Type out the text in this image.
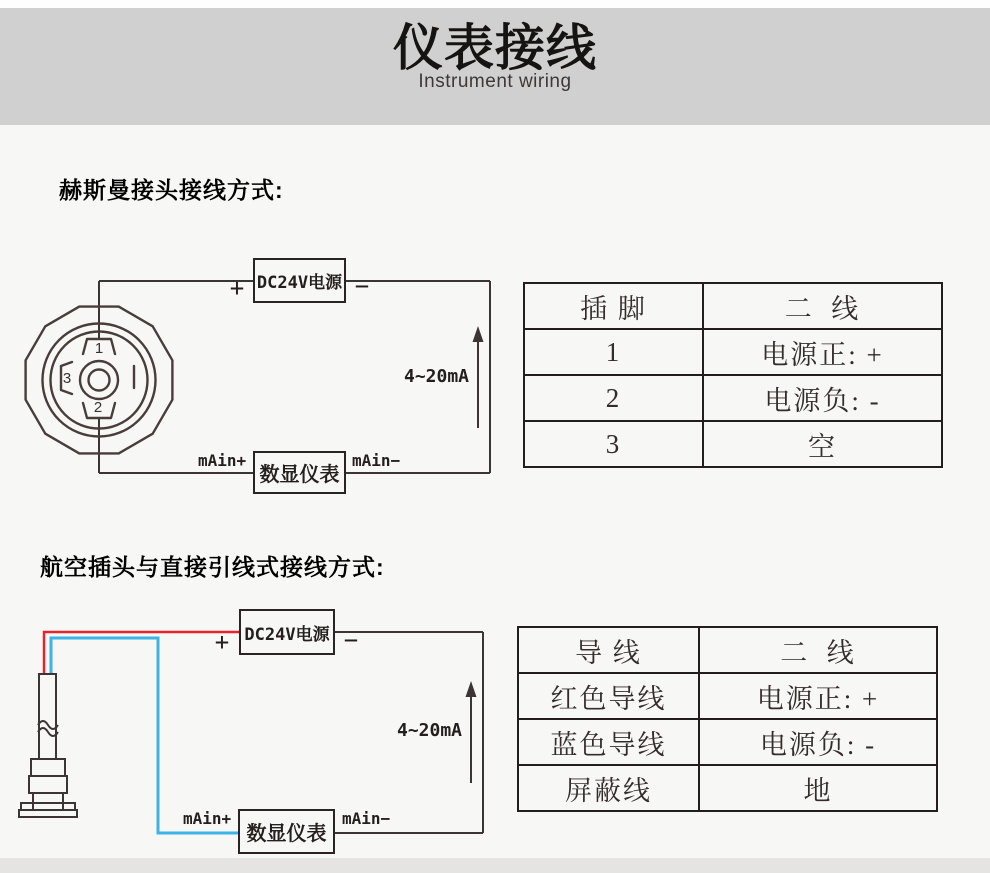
仪表接线
Instrument wiring
赫斯曼接头接线方式:
航空插头与直接引线式接线方式:
DC24V电源
数显仪表
+	−
4~20mA
mAin+	mAin−
1
2
3
DC24V电源
数显仪表
+	−
4~20mA
mAin+	mAin−
插 脚	二  线
1	电源正: +
2	电源负: -
3	空
导 线	二  线
红色导线	电源正: +
蓝色导线	电源负: -
屏蔽线	地
